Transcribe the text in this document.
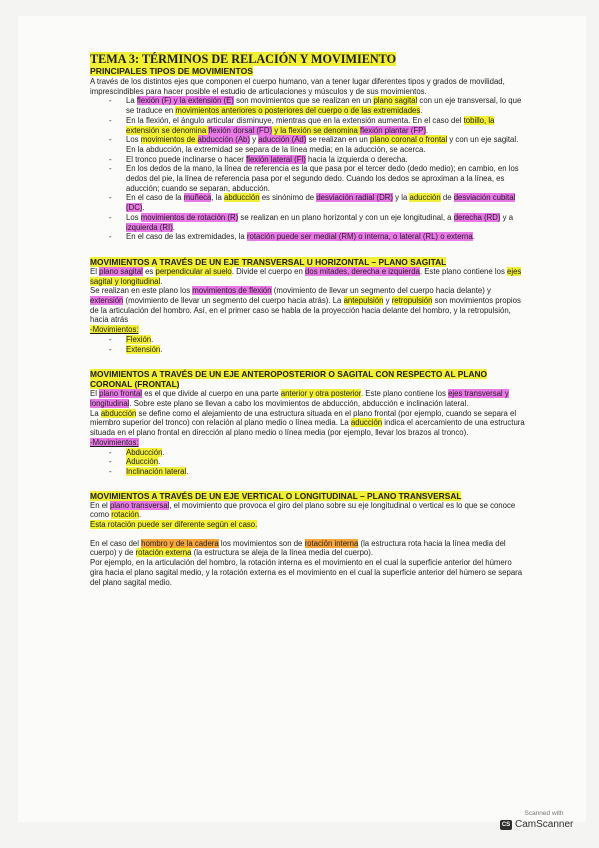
TEMA 3: TÉRMINOS DE RELACIÓN Y MOVIMIENTO
PRINCIPALES TIPOS DE MOVIMIENTOS

A través de los distintos ejes que componen el cuerpo humano, van a tener lugar diferentes tipos y grados de movilidad, imprescindibles para hacer posible el estudio de articulaciones y músculos y de sus movimientos.

- La flexión (F) y la extensión (E) son movimientos que se realizan en un plano sagital con un eje transversal, lo que se traduce en movimientos anteriores o posteriores del cuerpo o de las extremidades.
- En la flexión, el ángulo articular disminuye, mientras que en la extensión aumenta. En el caso del tobillo, la extensión se denomina flexión dorsal (FD) y la flexión se denomina flexión plantar (FP).
- Los movimientos de abducción (Ab) y aducción (Ad) se realizan en un plano coronal o frontal y con un eje sagital. En la abducción, la extremidad se separa de la línea media; en la aducción, se acerca.
- El tronco puede inclinarse o hacer flexión lateral (Fl) hacia la izquierda o derecha.
- En los dedos de la mano, la línea de referencia es la que pasa por el tercer dedo (dedo medio); en cambio, en los dedos del pie, la línea de referencia pasa por el segundo dedo. Cuando los dedos se aproximan a la línea, es aducción; cuando se separan, abducción.
- En el caso de la muñeca, la abducción es sinónimo de desviación radial (DR) y la aducción de desviación cubital (DC).
- Los movimientos de rotación (R) se realizan en un plano horizontal y con un eje longitudinal, a derecha (RD) y a izquierda (RI).
- En el caso de las extremidades, la rotación puede ser medial (RM) o interna, o lateral (RL) o externa.
MOVIMIENTOS A TRAVÉS DE UN EJE TRANSVERSAL U HORIZONTAL – PLANO SAGITAL

El plano sagital es perpendicular al suelo. Divide el cuerpo en dos mitades, derecha e izquierda. Este plano contiene los ejes sagital y longitudinal.

Se realizan en este plano los movimientos de flexión (movimiento de llevar un segmento del cuerpo hacia delante) y extensión (movimiento de llevar un segmento del cuerpo hacia atrás). La antepulsión y retropulsión son movimientos propios de la articulación del hombro. Así, en el primer caso se habla de la proyección hacia delante del hombro, y la retropulsión, hacia atrás

-Movimientos:

- Flexión.
- Extensión.
MOVIMIENTOS A TRAVÉS DE UN EJE ANTEROPOSTERIOR O SAGITAL CON RESPECTO AL PLANO CORONAL (FRONTAL)

El plano frontal es el que divide al cuerpo en una parte anterior y otra posterior. Este plano contiene los ejes transversal y longitudinal. Sobre este plano se llevan a cabo los movimientos de abducción, abducción e inclinación lateral.

La abducción se define como el alejamiento de una estructura situada en el plano frontal (por ejemplo, cuando se separa el miembro superior del tronco) con relación al plano medio o línea media. La aducción indica el acercamiento de una estructura situada en el plano frontal en dirección al plano medio o línea media (por ejemplo, llevar los brazos al tronco).

-Movimientos:

- Abducción.
- Aducción.
- Inclinación lateral.
MOVIMIENTOS A TRAVÉS DE UN EJE VERTICAL O LONGITUDINAL – PLANO TRANSVERSAL

En el plano transversal, el movimiento que provoca el giro del plano sobre su eje longitudinal o vertical es lo que se conoce como rotación.

Esta rotación puede ser diferente según el caso.

En el caso del hombro y de la cadera los movimientos son de rotación interna (la estructura rota hacia la línea media del cuerpo) y de rotación externa (la estructura se aleja de la línea media del cuerpo).

Por ejemplo, en la articulación del hombro, la rotación interna es el movimiento en el cual la superficie anterior del húmero gira hacia el plano sagital medio, y la rotación externa es el movimiento en el cual la superficie anterior del húmero se separa del plano sagital medio.

Scanned with
CS CamScanner
